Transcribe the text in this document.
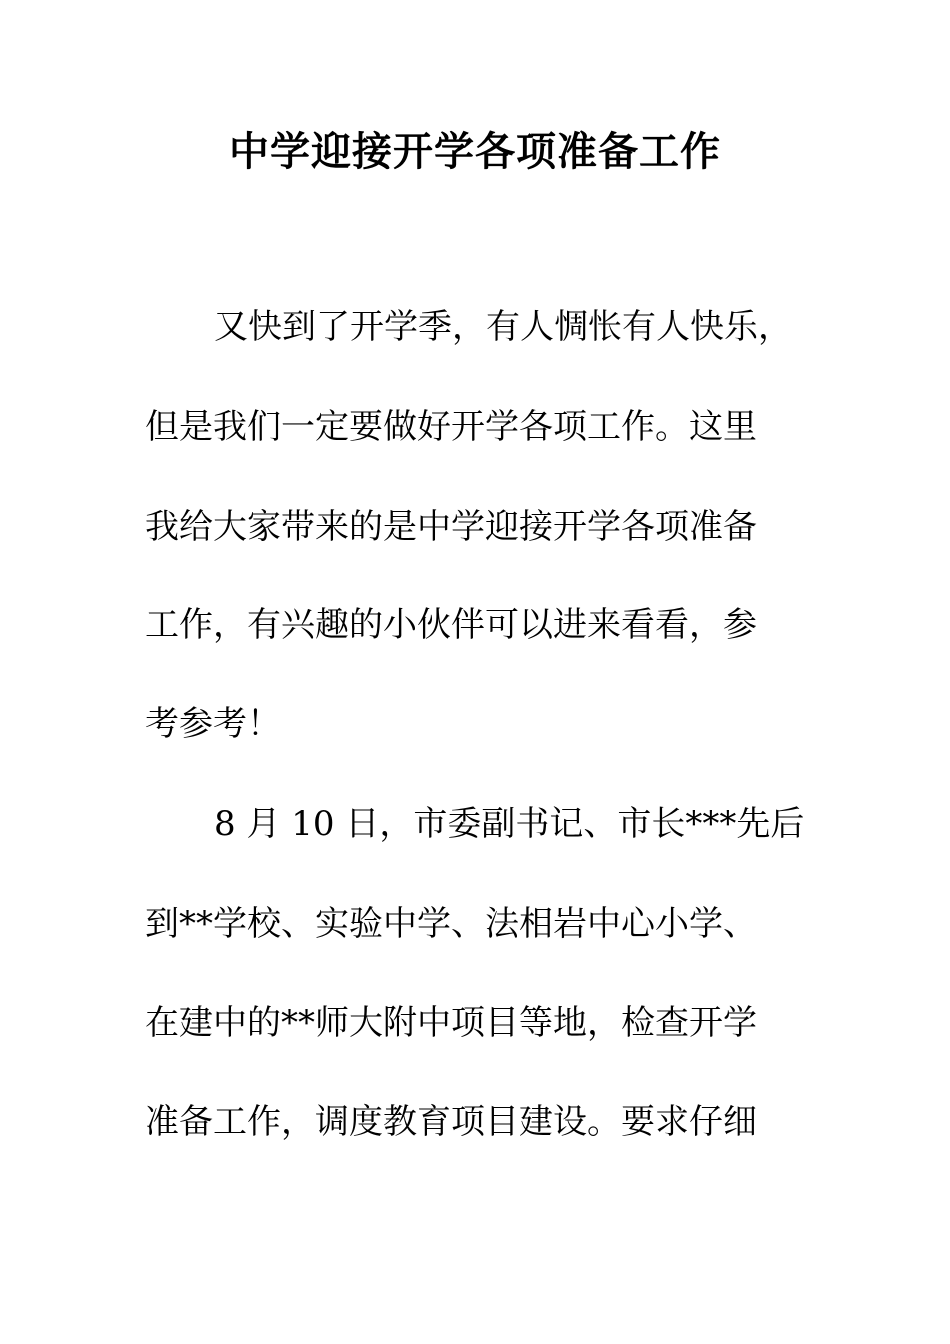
中学迎接开学各项准备工作
又快到了开学季，有人惆怅有人快乐，
但是我们一定要做好开学各项工作。这里
我给大家带来的是中学迎接开学各项准备
工作，有兴趣的小伙伴可以进来看看，参
考参考！
8 月 10 日，市委副书记、市长***先后
到**学校、实验中学、法相岩中心小学、
在建中的**师大附中项目等地，检查开学
准备工作，调度教育项目建设。要求仔细
